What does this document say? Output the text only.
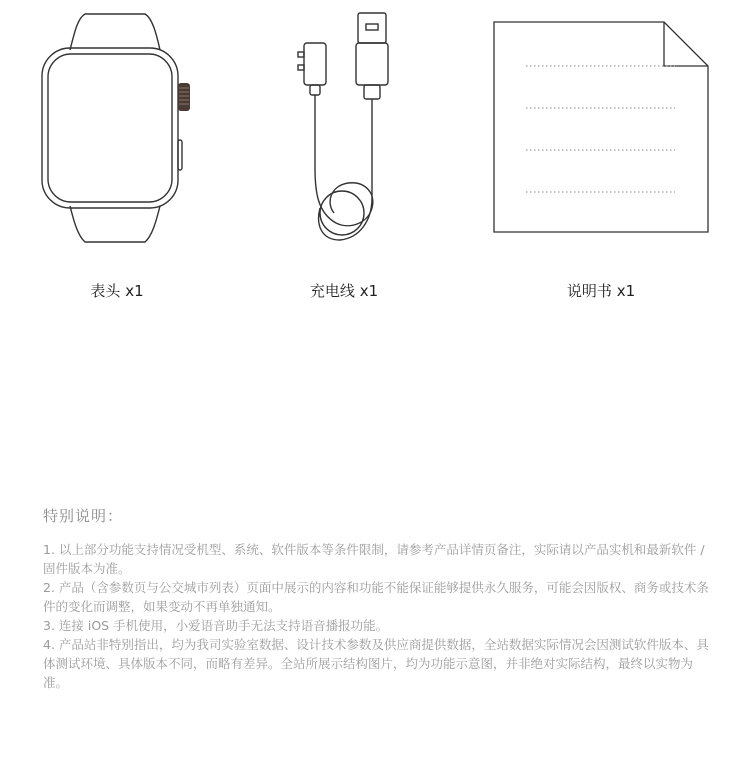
表头 x1	充电线 x1	说明书 x1
特别说明：

1. 以上部分功能支持情况受机型、系统、软件版本等条件限制，请参考产品详情页备注，实际请以产品实机和最新软件 / 固件版本为准。

2. 产品（含参数页与公交城市列表）页面中展示的内容和功能不能保证能够提供永久服务，可能会因版权、商务或技术条件的变化而调整，如果变动不再单独通知。

3. 连接 iOS 手机使用，小爱语音助手无法支持语音播报功能。

4. 产品站非特别指出，均为我司实验室数据、设计技术参数及供应商提供数据，全站数据实际情况会因测试软件版本、具体测试环境、具体版本不同，而略有差异。全站所展示结构图片，均为功能示意图，并非绝对实际结构，最终以实物为准。
